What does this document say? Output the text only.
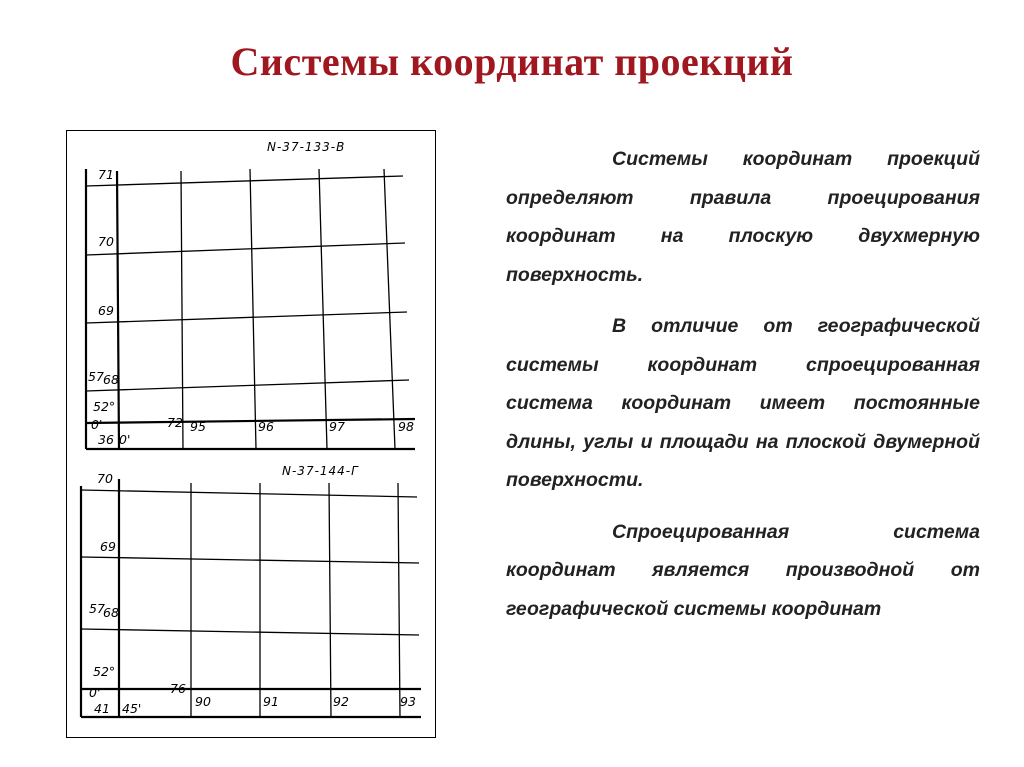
Системы координат проекций
N-37-133-В
71
70
69
57 68
52°
0'
36 0'
72 95	96	97	98
N-37-144-Г
70
69
57
68
52°
0'
41 45'
76
90	91	92	93

Системы координат проекций определяют правила проецирования координат на плоскую двухмерную поверхность.

В отличие от географической системы координат спроецированная система координат имеет постоянные длины, углы и площади на плоской двумерной поверхности.

Спроецированная система координат является производной от географической системы координат
